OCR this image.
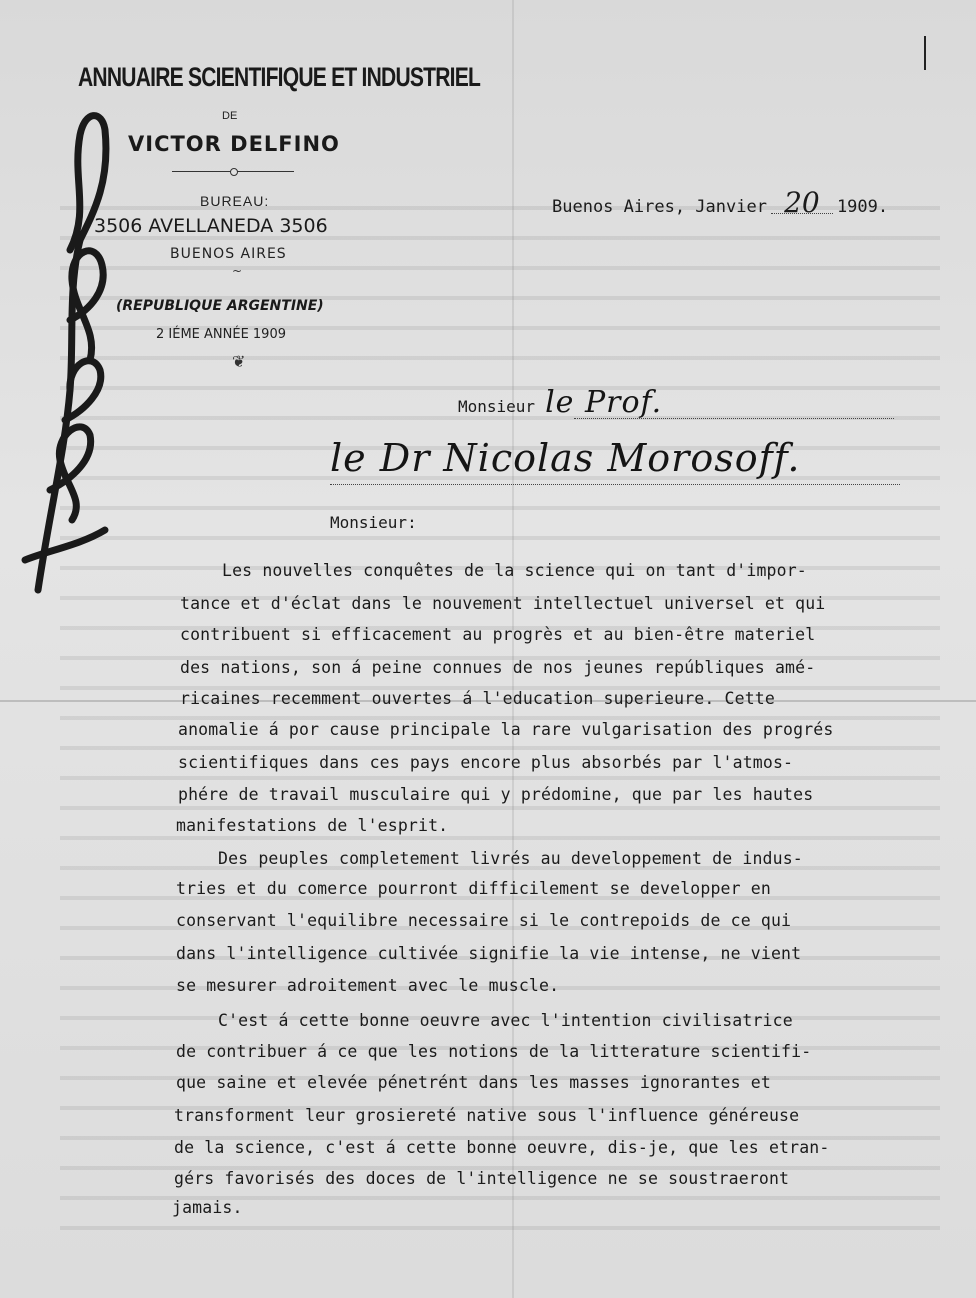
ANNUAIRE SCIENTIFIQUE ET INDUSTRIEL
DE
VICTOR DELFINO
BUREAU:
3506 AVELLANEDA 3506
BUENOS AIRES
~
(REPUBLIQUE ARGENTINE)
2 IÉME ANNÉE 1909
❦
Buenos Aires, Janvier 20 1909.
Monsieur le Prof.
le Dr Nicolas Morosoff.
Monsieur:
Les nouvelles conquêtes de la science qui on tant d'impor-
tance et d'éclat dans le nouvement intellectuel universel et qui
contribuent si efficacement au progrès et au bien-être materiel
des nations, son á peine connues de nos jeunes repúbliques amé-
ricaines recemment ouvertes á l'education superieure. Cette
anomalie á por cause principale la rare vulgarisation des progrés
scientifiques dans ces pays encore plus absorbés par l'atmos-
phére de travail musculaire qui y prédomine, que par les hautes
manifestations de l'esprit.
Des peuples completement livrés au developpement de indus-
tries et du comerce pourront difficilement se developper en
conservant l'equilibre necessaire si le contrepoids de ce qui
dans l'intelligence cultivée signifie la vie intense, ne vient
se mesurer adroitement avec le muscle.
C'est á cette bonne oeuvre avec l'intention civilisatrice
de contribuer á ce que les notions de la litterature scientifi-
que saine et elevée pénetrént dans les masses ignorantes et
transforment leur grosiereté native sous l'influence généreuse
de la science, c'est á cette bonne oeuvre, dis-je, que les etran-
gérs favorisés des doces de l'intelligence ne se soustraeront
jamais.
